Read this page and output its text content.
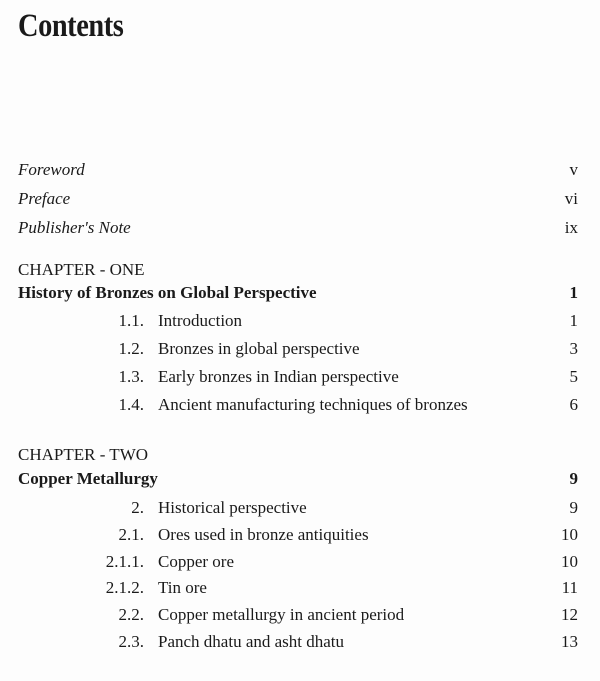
Contents
Foreword	v
Preface	vi
Publisher's Note	ix
CHAPTER - ONE
History of Bronzes on Global Perspective	1
1.1. Introduction	1
1.2. Bronzes in global perspective	3
1.3. Early bronzes in Indian perspective	5
1.4. Ancient manufacturing techniques of bronzes	6
CHAPTER - TWO
Copper Metallurgy	9
2. Historical perspective	9
2.1. Ores used in bronze antiquities	10
2.1.1. Copper ore	10
2.1.2. Tin ore	11
2.2. Copper metallurgy in ancient period	12
2.3. Panch dhatu and asht dhatu	13
